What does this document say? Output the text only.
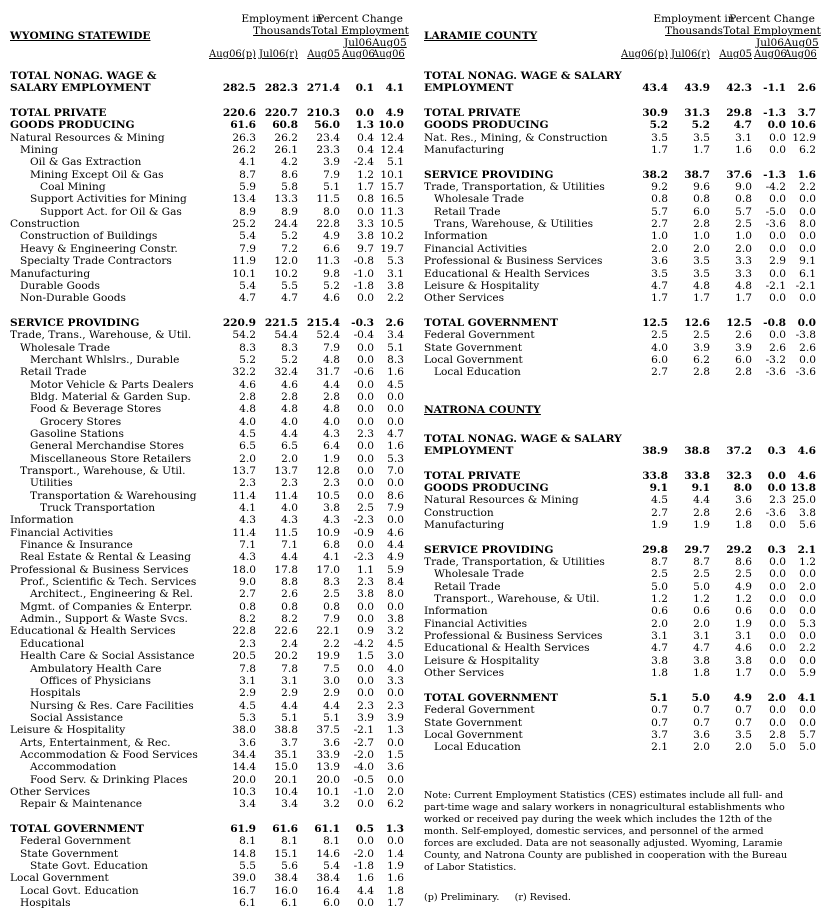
WYOMING STATEWIDE
Employment in
Thousands
Percent Change
Total Employment
Jul06 Aug05
Aug06(p) Jul06(r) Aug05 Aug06
Aug06
TOTAL NONAG. WAGE &
SALARY EMPLOYMENT	282.5 282.3 271.4	0.1	4.1
TOTAL PRIVATE	220.6 220.7 210.3	0.0	4.9
GOODS PRODUCING	61.6	60.8	56.0	1.3 10.0
Natural Resources & Mining	26.3	26.2	23.4	0.4 12.4
Mining	26.2	26.1	23.3	0.4 12.4
Oil & Gas Extraction	4.1	4.2	3.9	-2.4	5.1
Mining Except Oil & Gas	8.7	8.6	7.9	1.2 10.1
Coal Mining	5.9	5.8	5.1	1.7 15.7
Support Activities for Mining	13.4	13.3	11.5	0.8 16.5
Support Act. for Oil & Gas	8.9	8.9	8.0	0.0 11.3
Construction	25.2	24.4	22.8	3.3 10.5
Construction of Buildings	5.4	5.2	4.9	3.8 10.2
Heavy & Engineering Constr.	7.9	7.2	6.6	9.7 19.7
Specialty Trade Contractors	11.9	12.0	11.3	-0.8	5.3
Manufacturing	10.1	10.2	9.8	-1.0	3.1
Durable Goods	5.4	5.5	5.2	-1.8	3.8
Non-Durable Goods	4.7	4.7	4.6	0.0	2.2
SERVICE PROVIDING	220.9 221.5 215.4	-0.3	2.6
Trade, Trans., Warehouse, & Util.	54.2	54.4	52.4	-0.4	3.4
Wholesale Trade	8.3	8.3	7.9	0.0	5.1
Merchant Whlslrs., Durable	5.2	5.2	4.8	0.0	8.3
Retail Trade	32.2	32.4	31.7	-0.6	1.6
Motor Vehicle & Parts Dealers	4.6	4.6	4.4	0.0	4.5
Bldg. Material & Garden Sup.	2.8	2.8	2.8	0.0	0.0
Food & Beverage Stores	4.8	4.8	4.8	0.0	0.0
Grocery Stores	4.0	4.0	4.0	0.0	0.0
Gasoline Stations	4.5	4.4	4.3	2.3	4.7
General Merchandise Stores	6.5	6.5	6.4	0.0	1.6
Miscellaneous Store Retailers	2.0	2.0	1.9	0.0	5.3
Transport., Warehouse, & Util.	13.7	13.7	12.8	0.0	7.0
Utilities	2.3	2.3	2.3	0.0	0.0
Transportation & Warehousing	11.4	11.4	10.5	0.0	8.6
Truck Transportation	4.1	4.0	3.8	2.5	7.9
Information	4.3	4.3	4.3	-2.3	0.0
Financial Activities	11.4	11.5	10.9	-0.9	4.6
Finance & Insurance	7.1	7.1	6.8	0.0	4.4
Real Estate & Rental & Leasing	4.3	4.4	4.1	-2.3	4.9
Professional & Business Services	18.0	17.8	17.0	1.1	5.9
Prof., Scientific & Tech. Services	9.0	8.8	8.3	2.3	8.4
Architect., Engineering & Rel.	2.7	2.6	2.5	3.8	8.0
Mgmt. of Companies & Enterpr.	0.8	0.8	0.8	0.0	0.0
Admin., Support & Waste Svcs.	8.2	8.2	7.9	0.0	3.8
Educational & Health Services	22.8	22.6	22.1	0.9	3.2
Educational	2.3	2.4	2.2	-4.2	4.5
Health Care & Social Assistance	20.5	20.2	19.9	1.5	3.0
Ambulatory Health Care	7.8	7.8	7.5	0.0	4.0
Offices of Physicians	3.1	3.1	3.0	0.0	3.3
Hospitals	2.9	2.9	2.9	0.0	0.0
Nursing & Res. Care Facilities	4.5	4.4	4.4	2.3	2.3
Social Assistance	5.3	5.1	5.1	3.9	3.9
Leisure & Hospitality	38.0	38.8	37.5	-2.1	1.3
Arts, Entertainment, & Rec.	3.6	3.7	3.6	-2.7	0.0
Accommodation & Food Services	34.4	35.1	33.9	-2.0	1.5
Accommodation	14.4	15.0	13.9	-4.0	3.6
Food Serv. & Drinking Places	20.0	20.1	20.0	-0.5	0.0
Other Services	10.3	10.4	10.1	-1.0	2.0
Repair & Maintenance	3.4	3.4	3.2	0.0	6.2
TOTAL GOVERNMENT	61.9	61.6	61.1	0.5	1.3
Federal Government	8.1	8.1	8.1	0.0	0.0
State Government	14.8	15.1	14.6	-2.0	1.4
State Govt. Education	5.5	5.6	5.4	-1.8	1.9
Local Government	39.0	38.4	38.4	1.6	1.6
Local Govt. Education	16.7	16.0	16.4	4.4	1.8
Hospitals	6.1	6.1	6.0	0.0	1.7
LARAMIE COUNTY
Employment in
Thousands
Percent Change
Total Employment
Jul06 Aug05
Aug06(p) Jul06(r) Aug05 Aug06
Aug06
TOTAL NONAG. WAGE & SALARY
EMPLOYMENT	43.4	43.9	42.3	-1.1	2.6
TOTAL PRIVATE	30.9	31.3	29.8	-1.3	3.7
GOODS PRODUCING	5.2	5.2	4.7	0.0 10.6
Nat. Res., Mining, & Construction	3.5	3.5	3.1	0.0 12.9
Manufacturing	1.7	1.7	1.6	0.0	6.2
SERVICE PROVIDING	38.2	38.7	37.6	-1.3	1.6
Trade, Transportation, & Utilities	9.2	9.6	9.0	-4.2	2.2
Wholesale Trade	0.8	0.8	0.8	0.0	0.0
Retail Trade	5.7	6.0	5.7	-5.0	0.0
Trans, Warehouse, & Utilities	2.7	2.8	2.5	-3.6	8.0
Information	1.0	1.0	1.0	0.0	0.0
Financial Activities	2.0	2.0	2.0	0.0	0.0
Professional & Business Services	3.6	3.5	3.3	2.9	9.1
Educational & Health Services	3.5	3.5	3.3	0.0	6.1
Leisure & Hospitality	4.7	4.8	4.8	-2.1 -2.1
Other Services	1.7	1.7	1.7	0.0	0.0
TOTAL GOVERNMENT	12.5	12.6	12.5	-0.8	0.0
Federal Government	2.5	2.5	2.6	0.0 -3.8
State Government	4.0	3.9	3.9	2.6	2.6
Local Government	6.0	6.2	6.0	-3.2	0.0
Local Education	2.7	2.8	2.8	-3.6 -3.6
NATRONA COUNTY
TOTAL NONAG. WAGE & SALARY
EMPLOYMENT	38.9	38.8	37.2	0.3	4.6
TOTAL PRIVATE	33.8	33.8	32.3	0.0	4.6
GOODS PRODUCING	9.1	9.1	8.0	0.0 13.8
Natural Resources & Mining	4.5	4.4	3.6	2.3 25.0
Construction	2.7	2.8	2.6	-3.6	3.8
Manufacturing	1.9	1.9	1.8	0.0	5.6
SERVICE PROVIDING	29.8	29.7	29.2	0.3	2.1
Trade, Transportation, & Utilities	8.7	8.7	8.6	0.0	1.2
Wholesale Trade	2.5	2.5	2.5	0.0	0.0
Retail Trade	5.0	5.0	4.9	0.0	2.0
Transport., Warehouse, & Util.	1.2	1.2	1.2	0.0	0.0
Information	0.6	0.6	0.6	0.0	0.0
Financial Activities	2.0	2.0	1.9	0.0	5.3
Professional & Business Services	3.1	3.1	3.1	0.0	0.0
Educational & Health Services	4.7	4.7	4.6	0.0	2.2
Leisure & Hospitality	3.8	3.8	3.8	0.0	0.0
Other Services	1.8	1.8	1.7	0.0	5.9
TOTAL GOVERNMENT	5.1	5.0	4.9	2.0	4.1
Federal Government	0.7	0.7	0.7	0.0	0.0
State Government	0.7	0.7	0.7	0.0	0.0
Local Government	3.7	3.6	3.5	2.8	5.7
Local Education	2.1	2.0	2.0	5.0	5.0
Note: Current Employment Statistics (CES) estimates include all full- and part-time wage and salary workers in nonagricultural establishments who worked or received pay during the week which includes the 12th of the month. Self-employed, domestic services, and personnel of the armed forces are excluded. Data are not seasonally adjusted. Wyoming, Laramie County, and Natrona County are published in cooperation with the Bureau of Labor Statistics.
(p) Preliminary. (r) Revised.
